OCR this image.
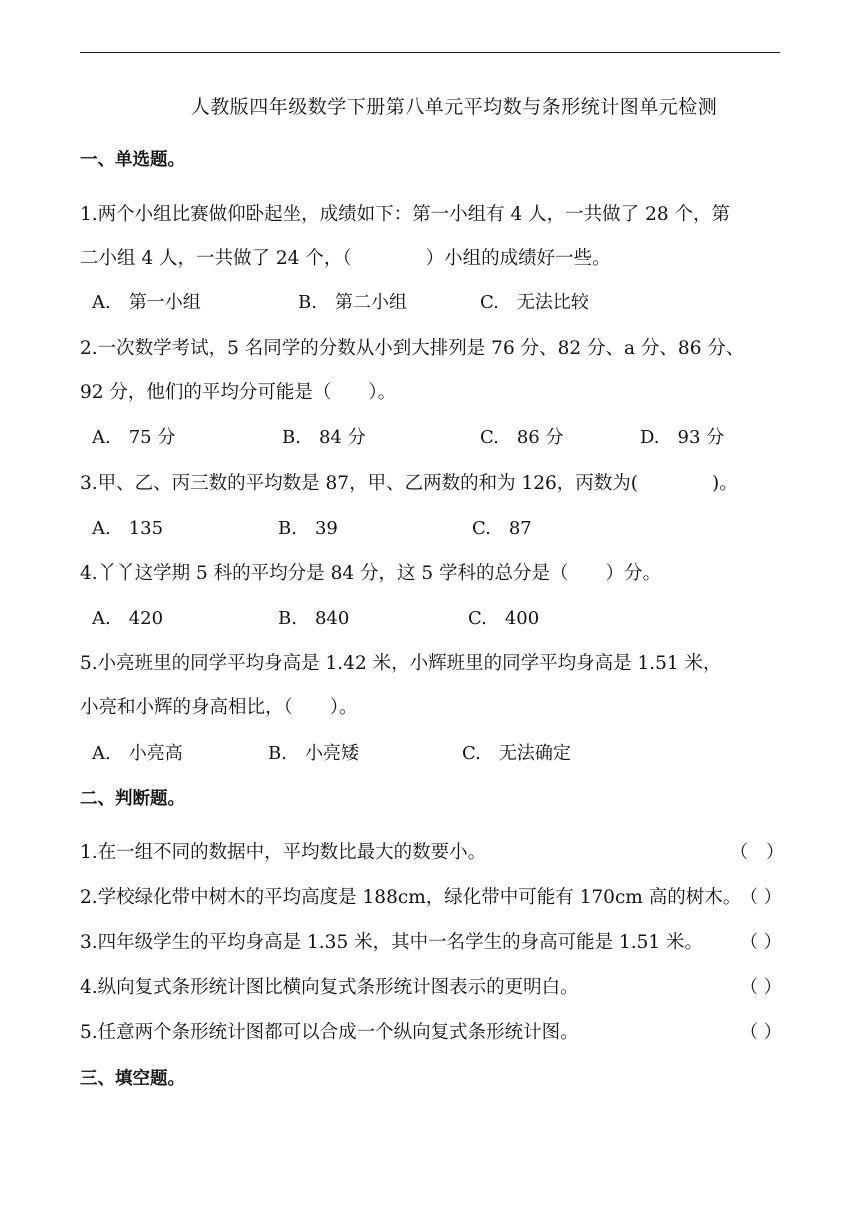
人教版四年级数学下册第八单元平均数与条形统计图单元检测
一、单选题。
1.两个小组比赛做仰卧起坐，成绩如下：第一小组有 4 人，一共做了 28 个，第
二小组 4 人，一共做了 24 个，（　　　　）小组的成绩好一些。
A.　第一小组	B.　第二小组	C.　无法比较
2.一次数学考试，5 名同学的分数从小到大排列是 76 分、82 分、a 分、86 分、
92 分，他们的平均分可能是（　　）。
A.　75 分	B.　84 分	C.　86 分	D.　93 分
3.甲、乙、丙三数的平均数是 87，甲、乙两数的和为 126，丙数为(　　　　)。
A.　135	B.　39	C.　87
4.丫丫这学期 5 科的平均分是 84 分，这 5 学科的总分是（　　）分。
A.　420	B.　840	C.　400
5.小亮班里的同学平均身高是 1.42 米，小辉班里的同学平均身高是 1.51 米，
小亮和小辉的身高相比，（　　）。
A.　小亮高	B.　小亮矮	C.　无法确定
二、判断题。
1.在一组不同的数据中，平均数比最大的数要小。	（　）
2.学校绿化带中树木的平均高度是 188cm，绿化带中可能有 170cm 高的树木。
（ ）
3.四年级学生的平均身高是 1.35 米，其中一名学生的身高可能是 1.51 米。 （ ）
4.纵向复式条形统计图比横向复式条形统计图表示的更明白。	（ ）
5.任意两个条形统计图都可以合成一个纵向复式条形统计图。	（ ）
三、填空题。
